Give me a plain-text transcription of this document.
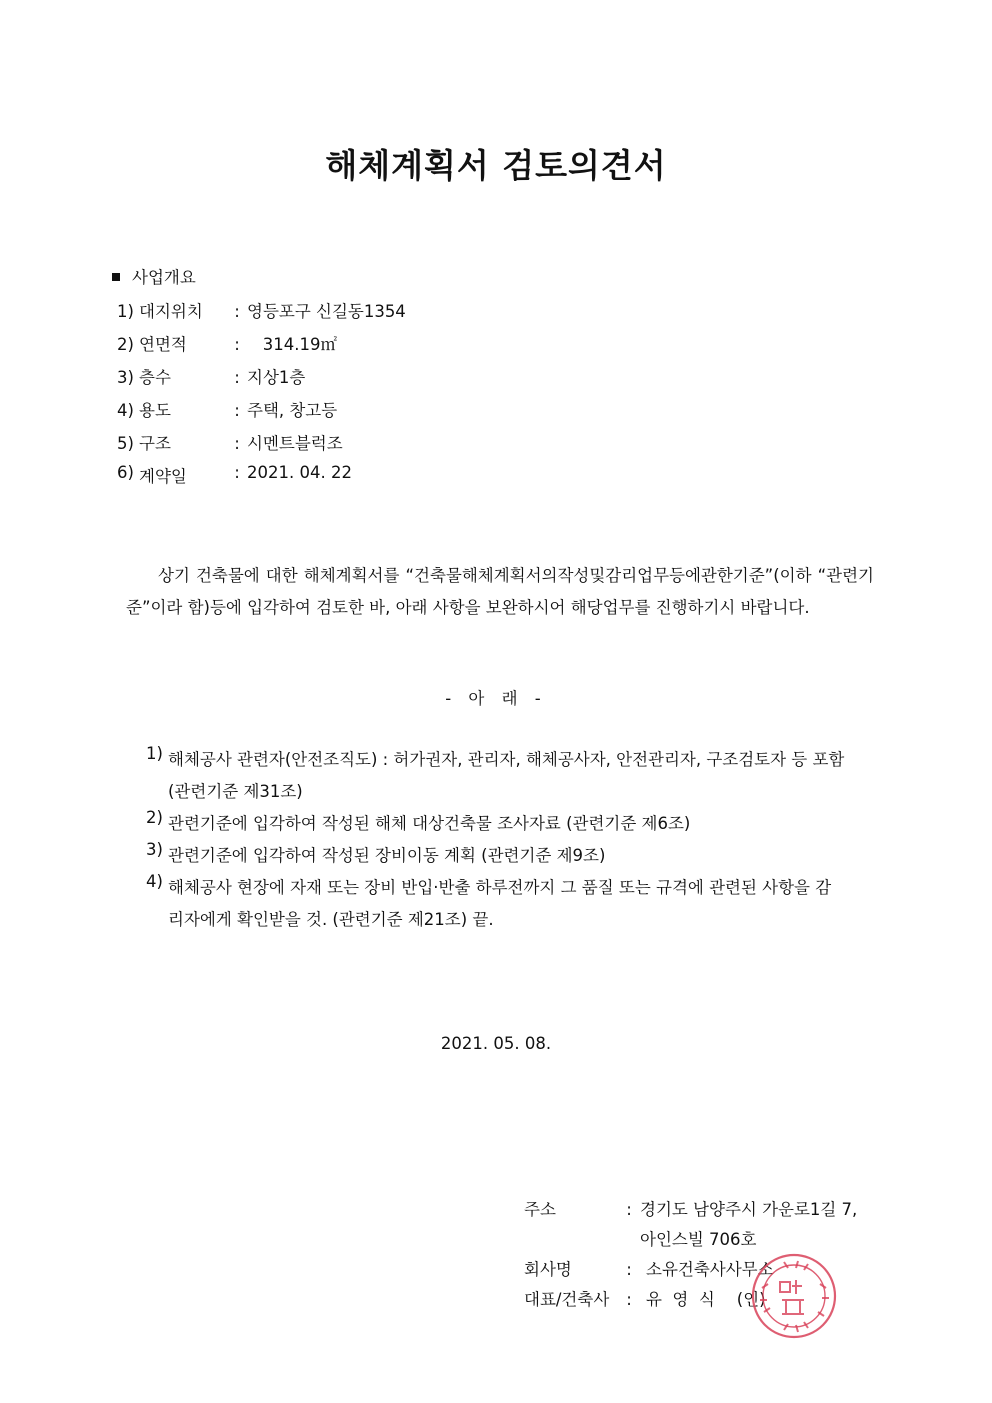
해체계획서 검토의견서
사업개요
1) 대지위치 : 영등포구 신길동1354
2) 연면적	:   314.19㎡
3) 층수	: 지상1층
4) 용도	: 주택, 창고등
5) 구조	: 시멘트블럭조
6) 계약일	: 2021. 04. 22
상기 건축물에 대한 해체계획서를 “건축물해체계획서의작성및감리업무등에관한기준”(이하 “관련기준”이라 함)등에 입각하여 검토한 바, 아래 사항을 보완하시어 해당업무를 진행하기시 바랍니다.
- 아 래 -
1) 해체공사 관련자(안전조직도) : 허가권자, 관리자, 해체공사자, 안전관리자, 구조검토자 등 포함 (관련기준 제31조)
2) 관련기준에 입각하여 작성된 해체 대상건축물 조사자료 (관련기준 제6조)
3) 관련기준에 입각하여 작성된 장비이동 계획 (관련기준 제9조)
4) 해체공사 현장에 자재 또는 장비 반입·반출 하루전까지 그 품질 또는 규격에 관련된 사항을 감리자에게 확인받을 것. (관련기준 제21조) 끝.
2021. 05. 08.
주소	: 경기도 남양주시 가운로1길 7,
아인스빌 706호
회사명	: 소유건축사사무소
대표/건축사 : 유  영  식 (인)
